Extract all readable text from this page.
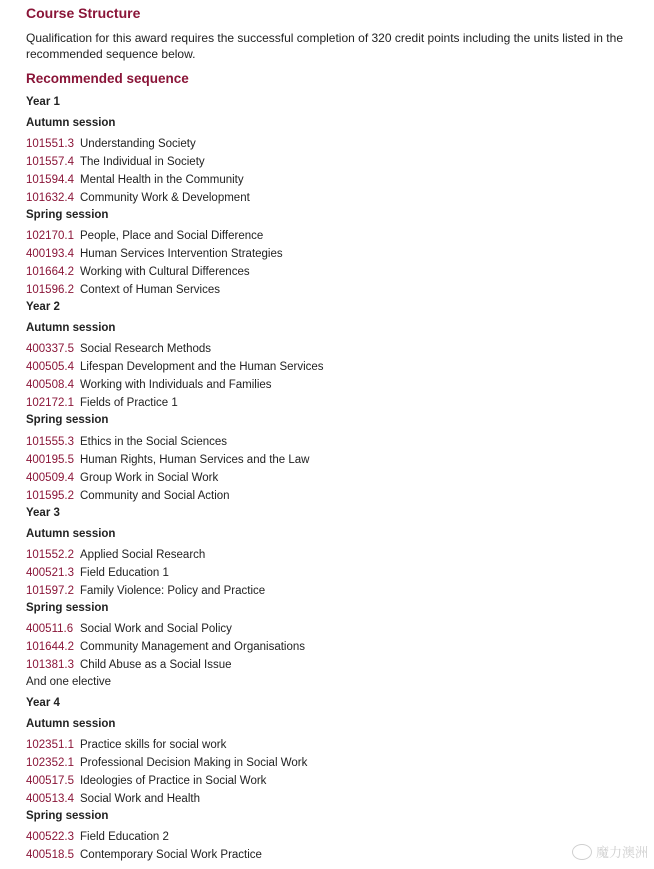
Course Structure
Qualification for this award requires the successful completion of 320 credit points including the units listed in the recommended sequence below.
Recommended sequence
Year 1
Autumn session
101551.3 Understanding Society
101557.4 The Individual in Society
101594.4 Mental Health in the Community
101632.4 Community Work & Development
Spring session
102170.1 People, Place and Social Difference
400193.4 Human Services Intervention Strategies
101664.2 Working with Cultural Differences
101596.2 Context of Human Services
Year 2
Autumn session
400337.5 Social Research Methods
400505.4 Lifespan Development and the Human Services
400508.4 Working with Individuals and Families
102172.1 Fields of Practice 1
Spring session
101555.3 Ethics in the Social Sciences
400195.5 Human Rights, Human Services and the Law
400509.4 Group Work in Social Work
101595.2 Community and Social Action
Year 3
Autumn session
101552.2 Applied Social Research
400521.3 Field Education 1
101597.2 Family Violence: Policy and Practice
Spring session
400511.6 Social Work and Social Policy
101644.2 Community Management and Organisations
101381.3 Child Abuse as a Social Issue
And one elective
Year 4
Autumn session
102351.1 Practice skills for social work
102352.1 Professional Decision Making in Social Work
400517.5 Ideologies of Practice in Social Work
400513.4 Social Work and Health
Spring session
400522.3 Field Education 2
400518.5 Contemporary Social Work Practice	魔力澳洲
